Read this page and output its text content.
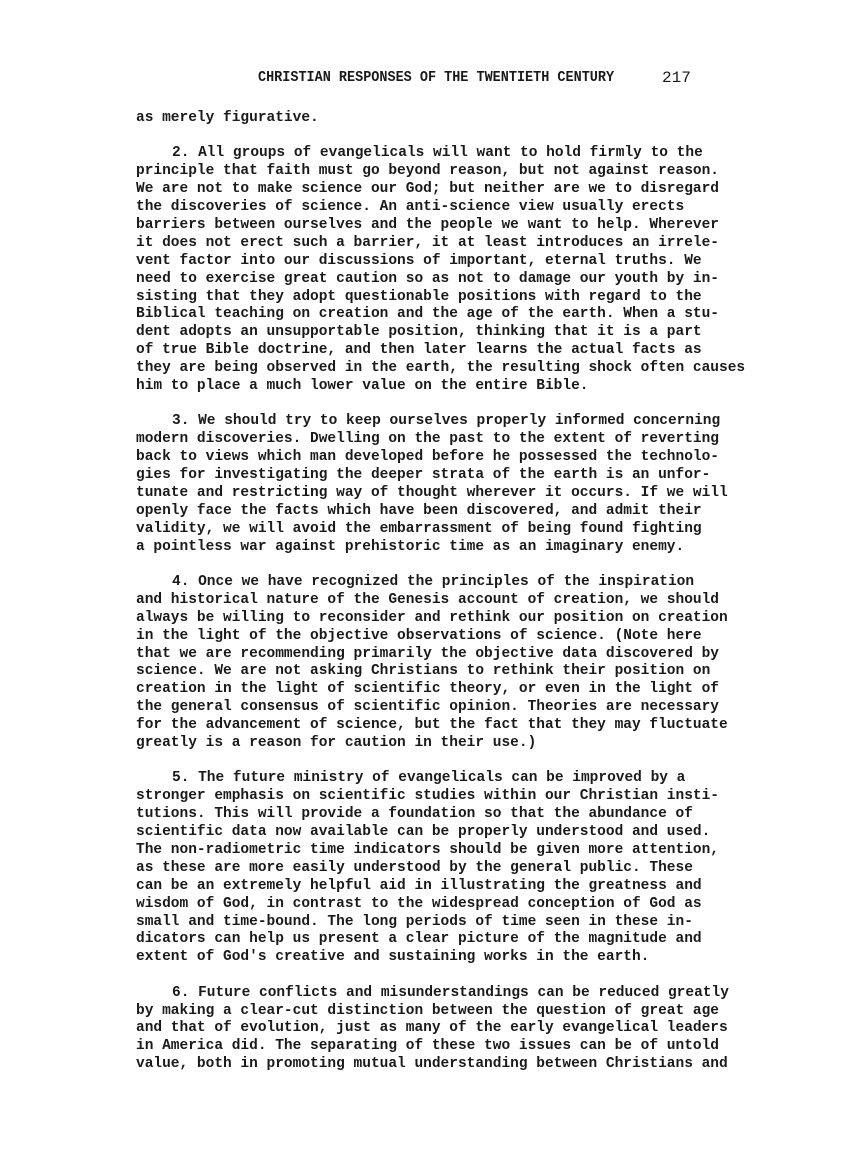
CHRISTIAN RESPONSES OF THE TWENTIETH CENTURY	217
as merely figurative.
2. All groups of evangelicals will want to hold firmly to the
principle that faith must go beyond reason, but not against reason.
We are not to make science our God; but neither are we to disregard
the discoveries of science. An anti-science view usually erects
barriers between ourselves and the people we want to help. Wherever
it does not erect such a barrier, it at least introduces an irrele-
vent factor into our discussions of important, eternal truths. We
need to exercise great caution so as not to damage our youth by in-
sisting that they adopt questionable positions with regard to the
Biblical teaching on creation and the age of the earth. When a stu-
dent adopts an unsupportable position, thinking that it is a part
of true Bible doctrine, and then later learns the actual facts as
they are being observed in the earth, the resulting shock often causes
him to place a much lower value on the entire Bible.
3. We should try to keep ourselves properly informed concerning
modern discoveries. Dwelling on the past to the extent of reverting
back to views which man developed before he possessed the technolo-
gies for investigating the deeper strata of the earth is an unfor-
tunate and restricting way of thought wherever it occurs. If we will
openly face the facts which have been discovered, and admit their
validity, we will avoid the embarrassment of being found fighting
a pointless war against prehistoric time as an imaginary enemy.
4. Once we have recognized the principles of the inspiration
and historical nature of the Genesis account of creation, we should
always be willing to reconsider and rethink our position on creation
in the light of the objective observations of science. (Note here
that we are recommending primarily the objective data discovered by
science. We are not asking Christians to rethink their position on
creation in the light of scientific theory, or even in the light of
the general consensus of scientific opinion. Theories are necessary
for the advancement of science, but the fact that they may fluctuate
greatly is a reason for caution in their use.)
5. The future ministry of evangelicals can be improved by a
stronger emphasis on scientific studies within our Christian insti-
tutions. This will provide a foundation so that the abundance of
scientific data now available can be properly understood and used.
The non-radiometric time indicators should be given more attention,
as these are more easily understood by the general public. These
can be an extremely helpful aid in illustrating the greatness and
wisdom of God, in contrast to the widespread conception of God as
small and time-bound. The long periods of time seen in these in-
dicators can help us present a clear picture of the magnitude and
extent of God's creative and sustaining works in the earth.
6. Future conflicts and misunderstandings can be reduced greatly
by making a clear-cut distinction between the question of great age
and that of evolution, just as many of the early evangelical leaders
in America did. The separating of these two issues can be of untold
value, both in promoting mutual understanding between Christians and
